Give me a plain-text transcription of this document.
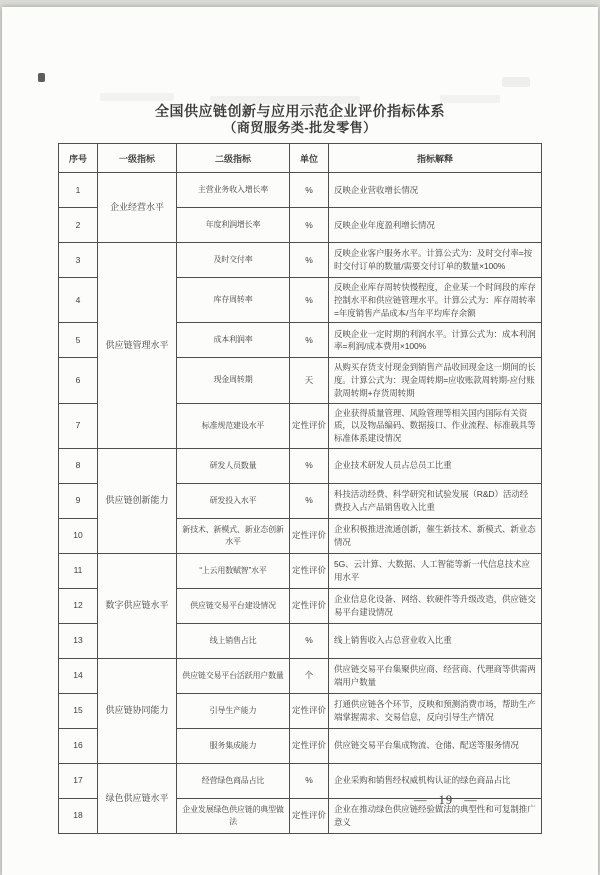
全国供应链创新与应用示范企业评价指标体系
（商贸服务类-批发零售）
序号	一级指标	二级指标	单位	指标解释
1	企业经营水平	主营业务收入增长率	%	反映企业营收增长情况
2		年度利润增长率	%	反映企业年度盈利增长情况
3	供应链管理水平	及时交付率	%	反映企业客户服务水平。计算公式为：及时交付率=按时交付订单的数量/需要交付订单的数量×100%
4		库存周转率	%	反映企业库存周转快慢程度，企业某一个时间段的库存控制水平和供应链管理水平。计算公式为：库存周转率=年度销售产品成本/当年平均库存余额
5		成本利润率	%	反映企业一定时期的利润水平。计算公式为：成本利润率=利润/成本费用×100%
6		现金周转期	天	从购买存货支付现金到销售产品收回现金这一期间的长度。计算公式为：现金周转期=应收账款周转期-应付账款周转期+存货周转期
7		标准规范建设水平	定性评价	企业获得质量管理、风险管理等相关国内国际有关资质，以及物品编码、数据接口、作业流程、标准载具等标准体系建设情况
8	供应链创新能力	研发人员数量	%	企业技术研发人员占总员工比重
9		研发投入水平	%	科技活动经费、科学研究和试验发展（R&D）活动经费投入占产品销售收入比重
10		新技术、新模式、新业态创新水平	定性评价	企业积极推进流通创新，催生新技术、新模式、新业态情况
11	数字供应链水平	“上云用数赋智”水平	定性评价	5G、云计算、大数据、人工智能等新一代信息技术应用水平
12		供应链交易平台建设情况	定性评价	企业信息化设备、网络、软硬件等升级改造，供应链交易平台建设情况
13		线上销售占比	%	线上销售收入占总营业收入比重
14	供应链协同能力	供应链交易平台活跃用户数量	个	供应链交易平台集聚供应商、经营商、代理商等供需两端用户数量
15		引导生产能力	定性评价	打通供应链各个环节，反映和预测消费市场，帮助生产端掌握需求、交易信息，反向引导生产情况
16		服务集成能力	定性评价	供应链交易平台集成物流、仓储、配送等服务情况
17	绿色供应链水平	经营绿色商品占比	%	企业采购和销售经权威机构认证的绿色商品占比
18		企业发展绿色供应链的典型做法	定性评价	企业在推动绿色供应链经验做法的典型性和可复制推广意义
— 19 —
